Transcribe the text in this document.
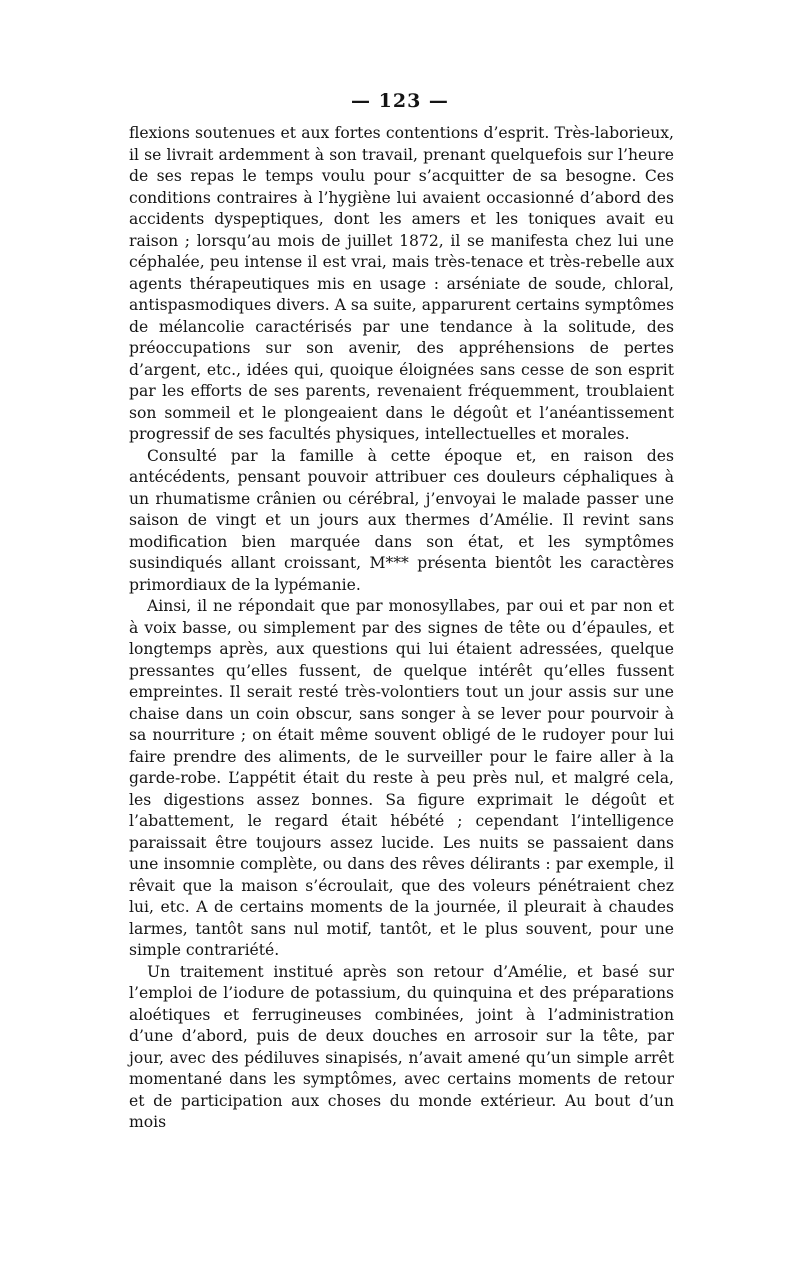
— 123 —

flexions soutenues et aux fortes contentions d’esprit. Très-laborieux, il se livrait ardemment à son travail, prenant quelquefois sur l’heure de ses repas le temps voulu pour s’acquitter de sa besogne. Ces conditions contraires à l’hygiène lui avaient occasionné d’abord des accidents dyspeptiques, dont les amers et les toniques avait eu raison ; lorsqu’au mois de juillet 1872, il se manifesta chez lui une céphalée, peu intense il est vrai, mais très-tenace et très-rebelle aux agents thérapeutiques mis en usage : arséniate de soude, chloral, antispasmodiques divers. A sa suite, apparurent certains symptômes de mélancolie caractérisés par une tendance à la solitude, des préoccupations sur son avenir, des appréhensions de pertes d’argent, etc., idées qui, quoique éloignées sans cesse de son esprit par les efforts de ses parents, revenaient fréquemment, troublaient son sommeil et le plongeaient dans le dégoût et l’anéantissement progressif de ses facultés physiques, intellectuelles et morales.

Consulté par la famille à cette époque et, en raison des antécédents, pensant pouvoir attribuer ces douleurs céphaliques à un rhumatisme crânien ou cérébral, j’envoyai le malade passer une saison de vingt et un jours aux thermes d’Amélie. Il revint sans modification bien marquée dans son état, et les symptômes susindiqués allant croissant, M*** présenta bientôt les caractères primordiaux de la lypémanie.

Ainsi, il ne répondait que par monosyllabes, par oui et par non et à voix basse, ou simplement par des signes de tête ou d’épaules, et longtemps après, aux questions qui lui étaient adressées, quelque pressantes qu’elles fussent, de quelque intérêt qu’elles fussent empreintes. Il serait resté très-volontiers tout un jour assis sur une chaise dans un coin obscur, sans songer à se lever pour pourvoir à sa nourriture ; on était même souvent obligé de le rudoyer pour lui faire prendre des aliments, de le surveiller pour le faire aller à la garde-robe. L’appétit était du reste à peu près nul, et malgré cela, les digestions assez bonnes. Sa figure exprimait le dégoût et l’abattement, le regard était hébété ; cependant l’intelligence paraissait être toujours assez lucide. Les nuits se passaient dans une insomnie complète, ou dans des rêves délirants : par exemple, il rêvait que la maison s’écroulait, que des voleurs pénétraient chez lui, etc. A de certains moments de la journée, il pleurait à chaudes larmes, tantôt sans nul motif, tantôt, et le plus souvent, pour une simple contrariété.

Un traitement institué après son retour d’Amélie, et basé sur l’emploi de l’iodure de potassium, du quinquina et des préparations aloétiques et ferrugineuses combinées, joint à l’administration d’une d’abord, puis de deux douches en arrosoir sur la tête, par jour, avec des pédiluves sinapisés, n’avait amené qu’un simple arrêt momentané dans les symptômes, avec certains moments de retour et de participation aux choses du monde extérieur. Au bout d’un mois
